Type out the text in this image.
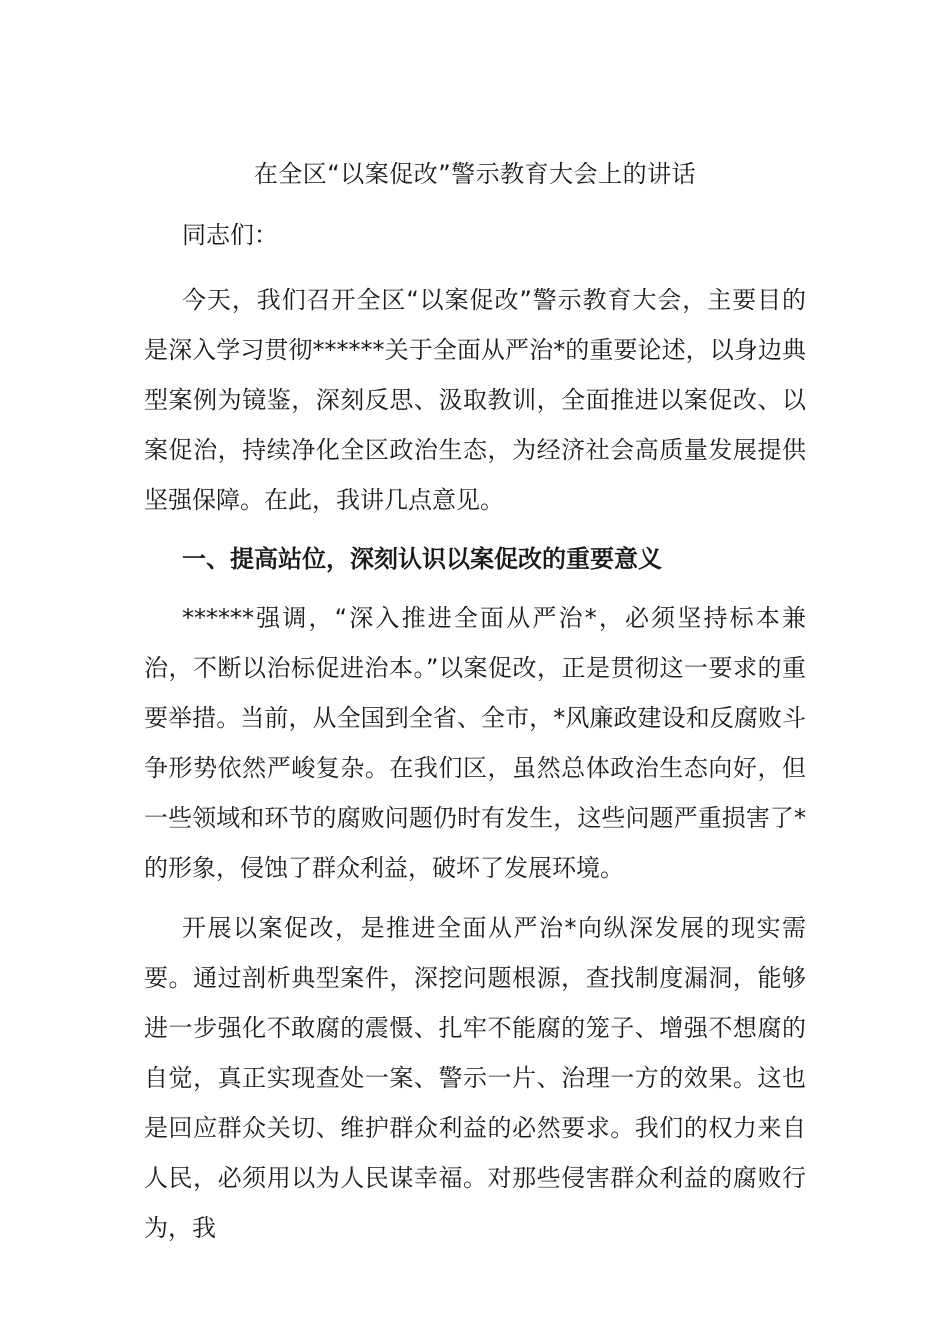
在全区“以案促改”警示教育大会上的讲话

同志们：

今天，我们召开全区“以案促改”警示教育大会，主要目的是深入学习贯彻******关于全面从严治*的重要论述，以身边典型案例为镜鉴，深刻反思、汲取教训，全面推进以案促改、以案促治，持续净化全区政治生态，为经济社会高质量发展提供坚强保障。在此，我讲几点意见。

一、提高站位，深刻认识以案促改的重要意义

******强调，“深入推进全面从严治*，必须坚持标本兼治，不断以治标促进治本。”以案促改，正是贯彻这一要求的重要举措。当前，从全国到全省、全市，*风廉政建设和反腐败斗争形势依然严峻复杂。在我们区，虽然总体政治生态向好，但一些领域和环节的腐败问题仍时有发生，这些问题严重损害了*的形象，侵蚀了群众利益，破坏了发展环境。

开展以案促改，是推进全面从严治*向纵深发展的现实需要。通过剖析典型案件，深挖问题根源，查找制度漏洞，能够进一步强化不敢腐的震慑、扎牢不能腐的笼子、增强不想腐的自觉，真正实现查处一案、警示一片、治理一方的效果。这也是回应群众关切、维护群众利益的必然要求。我们的权力来自人民，必须用以为人民谋幸福。对那些侵害群众利益的腐败行为，我
